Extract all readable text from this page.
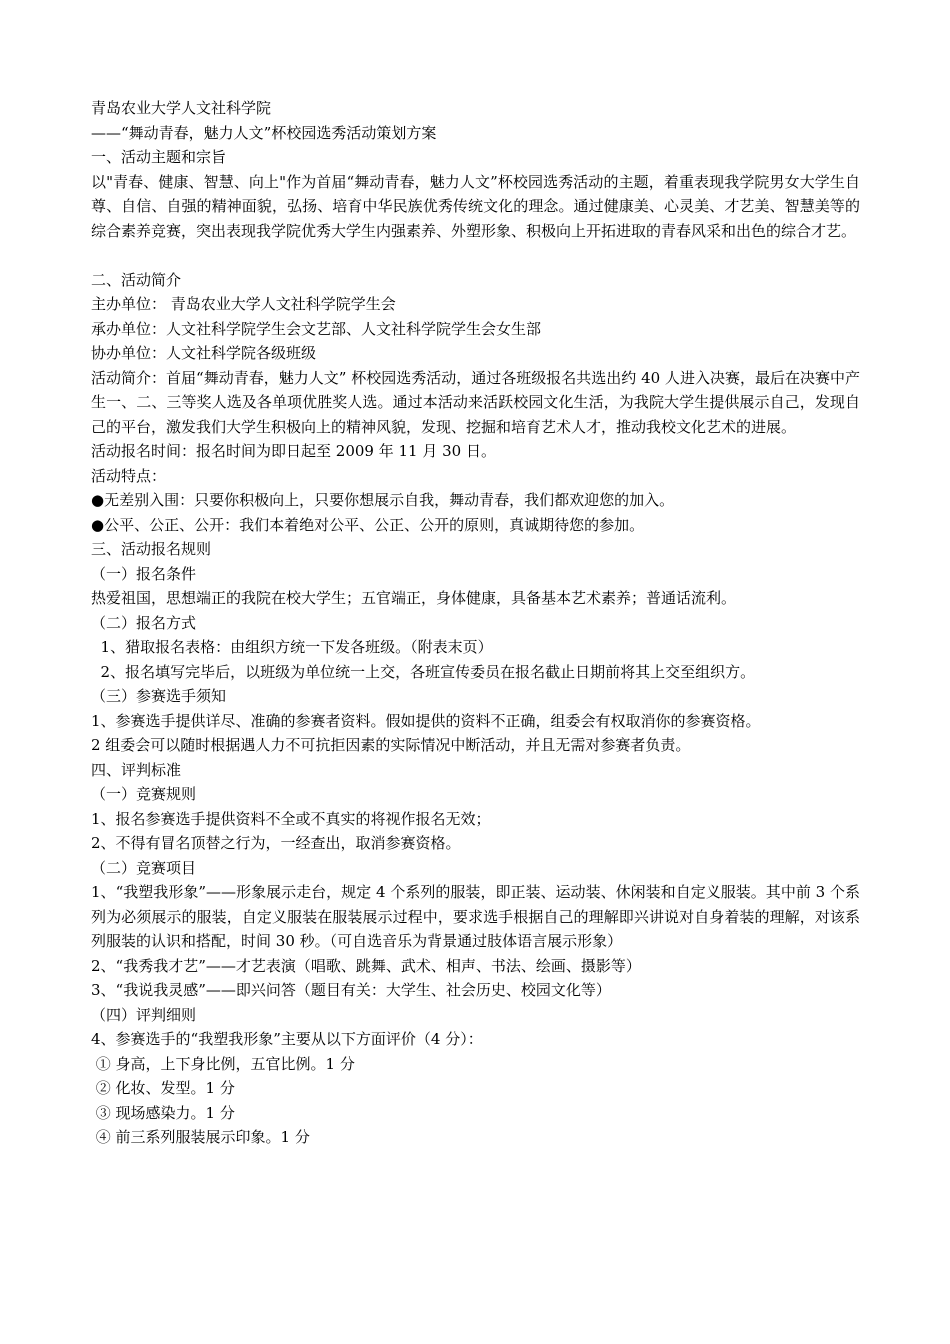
青岛农业大学人文社科学院

——“舞动青春，魅力人文”杯校园选秀活动策划方案

一、活动主题和宗旨

以"青春、健康、智慧、向上"作为首届“舞动青春，魅力人文”杯校园选秀活动的主题，着重表现我学院男女大学生自尊、自信、自强的精神面貌，弘扬、培育中华民族优秀传统文化的理念。通过健康美、心灵美、才艺美、智慧美等的综合素养竞赛，突出表现我学院优秀大学生内强素养、外塑形象、积极向上开拓进取的青春风采和出色的综合才艺。

二、活动简介

主办单位： 青岛农业大学人文社科学院学生会

承办单位：人文社科学院学生会文艺部、人文社科学院学生会女生部

协办单位：人文社科学院各级班级

活动简介：首届“舞动青春，魅力人文” 杯校园选秀活动，通过各班级报名共选出约 40 人进入决赛，最后在决赛中产生一、二、三等奖人选及各单项优胜奖人选。通过本活动来活跃校园文化生活，为我院大学生提供展示自己，发现自己的平台，激发我们大学生积极向上的精神风貌，发现、挖掘和培育艺术人才，推动我校文化艺术的进展。

活动报名时间：报名时间为即日起至 2009 年 11 月 30 日。

活动特点：

●无差别入围：只要你积极向上，只要你想展示自我，舞动青春，我们都欢迎您的加入。

●公平、公正、公开：我们本着绝对公平、公正、公开的原则，真诚期待您的参加。

三、活动报名规则

（一）报名条件

热爱祖国，思想端正的我院在校大学生；五官端正，身体健康，具备基本艺术素养；普通话流利。

（二）报名方式

1、猎取报名表格：由组织方统一下发各班级。（附表末页）

2、报名填写完毕后，以班级为单位统一上交，各班宣传委员在报名截止日期前将其上交至组织方。

（三）参赛选手须知

1、参赛选手提供详尽、准确的参赛者资料。假如提供的资料不正确，组委会有权取消你的参赛资格。

2 组委会可以随时根据遇人力不可抗拒因素的实际情况中断活动，并且无需对参赛者负责。

四、评判标准

（一）竞赛规则

1、报名参赛选手提供资料不全或不真实的将视作报名无效；

2、不得有冒名顶替之行为，一经查出，取消参赛资格。

（二）竞赛项目

1、“我塑我形象”——形象展示走台，规定 4 个系列的服装，即正装、运动装、休闲装和自定义服装。其中前 3 个系列为必须展示的服装，自定义服装在服装展示过程中，要求选手根据自己的理解即兴讲说对自身着装的理解，对该系列服装的认识和搭配，时间 30 秒。（可自选音乐为背景通过肢体语言展示形象）

2、“我秀我才艺”——才艺表演（唱歌、跳舞、武术、相声、书法、绘画、摄影等）

3、“我说我灵感”——即兴问答（题目有关：大学生、社会历史、校园文化等）

（四）评判细则

4、参赛选手的“我塑我形象”主要从以下方面评价（4 分）：

① 身高，上下身比例，五官比例。1 分

② 化妆、发型。1 分

③ 现场感染力。1 分

④ 前三系列服装展示印象。1 分
